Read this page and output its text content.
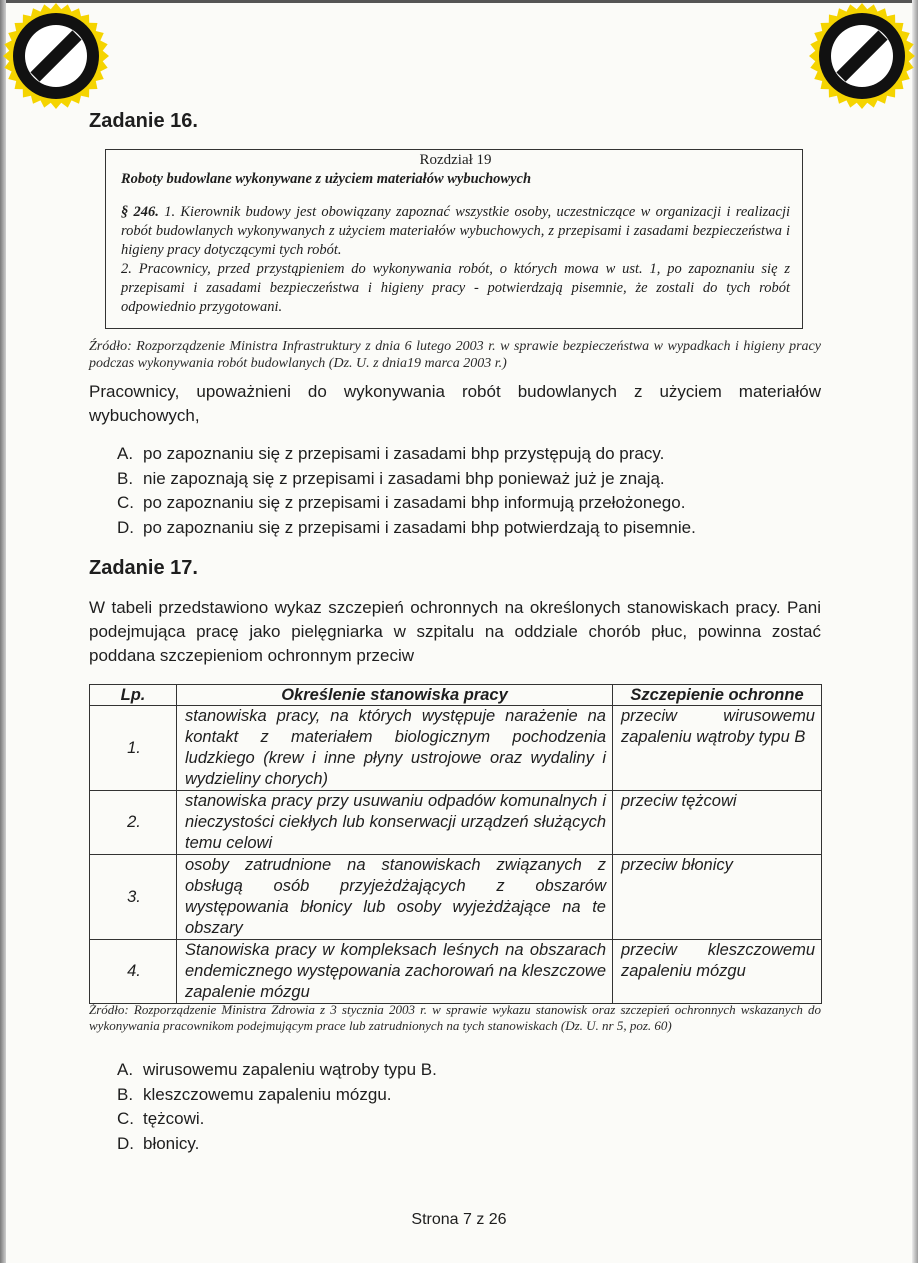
Zadanie 16.
Rozdział 19
Roboty budowlane wykonywane z użyciem materiałów wybuchowych

§ 246. 1. Kierownik budowy jest obowiązany zapoznać wszystkie osoby, uczestniczące w organizacji i realizacji robót budowlanych wykonywanych z użyciem materiałów wybuchowych, z przepisami i zasadami bezpieczeństwa i higieny pracy dotyczącymi tych robót.

2. Pracownicy, przed przystąpieniem do wykonywania robót, o których mowa w ust. 1, po zapoznaniu się z przepisami i zasadami bezpieczeństwa i higieny pracy - potwierdzają pisemnie, że zostali do tych robót odpowiednio przygotowani.

Źródło: Rozporządzenie Ministra Infrastruktury z dnia 6 lutego 2003 r. w sprawie bezpieczeństwa w wypadkach i higieny pracy podczas wykonywania robót budowlanych (Dz. U. z dnia19 marca 2003 r.)

Pracownicy, upoważnieni do wykonywania robót budowlanych z użyciem materiałów wybuchowych,

A. po zapoznaniu się z przepisami i zasadami bhp przystępują do pracy.
B. nie zapoznają się z przepisami i zasadami bhp ponieważ już je znają.
C. po zapoznaniu się z przepisami i zasadami bhp informują przełożonego.
D. po zapoznaniu się z przepisami i zasadami bhp potwierdzają to pisemnie.
Zadanie 17.

W tabeli przedstawiono wykaz szczepień ochronnych na określonych stanowiskach pracy. Pani podejmująca pracę jako pielęgniarka w szpitalu na oddziale chorób płuc, powinna zostać poddana szczepieniom ochronnym przeciw

Lp.	Określenie stanowiska pracy	Szczepienie ochronne
1.	stanowiska pracy, na których występuje narażenie na kontakt z materiałem biologicznym pochodzenia ludzkiego (krew i inne płyny ustrojowe oraz wydaliny i wydzieliny chorych)	przeciw wirusowemu zapaleniu wątroby typu B
2.	stanowiska pracy przy usuwaniu odpadów komunalnych i nieczystości ciekłych lub konserwacji urządzeń służących temu celowi	przeciw tężcowi
3.	osoby zatrudnione na stanowiskach związanych z obsługą osób przyjeżdżających z obszarów występowania błonicy lub osoby wyjeżdżające na te obszary	przeciw błonicy
4.	Stanowiska pracy w kompleksach leśnych na obszarach endemicznego występowania zachorowań na kleszczowe zapalenie mózgu	przeciw kleszczowemu zapaleniu mózgu
Źródło: Rozporządzenie Ministra Zdrowia z 3 stycznia 2003 r. w sprawie wykazu stanowisk oraz szczepień ochronnych wskazanych do wykonywania pracownikom podejmującym prace lub zatrudnionych na tych stanowiskach (Dz. U. nr 5, poz. 60)
A. wirusowemu zapaleniu wątroby typu B.
B. kleszczowemu zapaleniu mózgu.
C. tężcowi.
D. błonicy.

Strona 7 z 26
